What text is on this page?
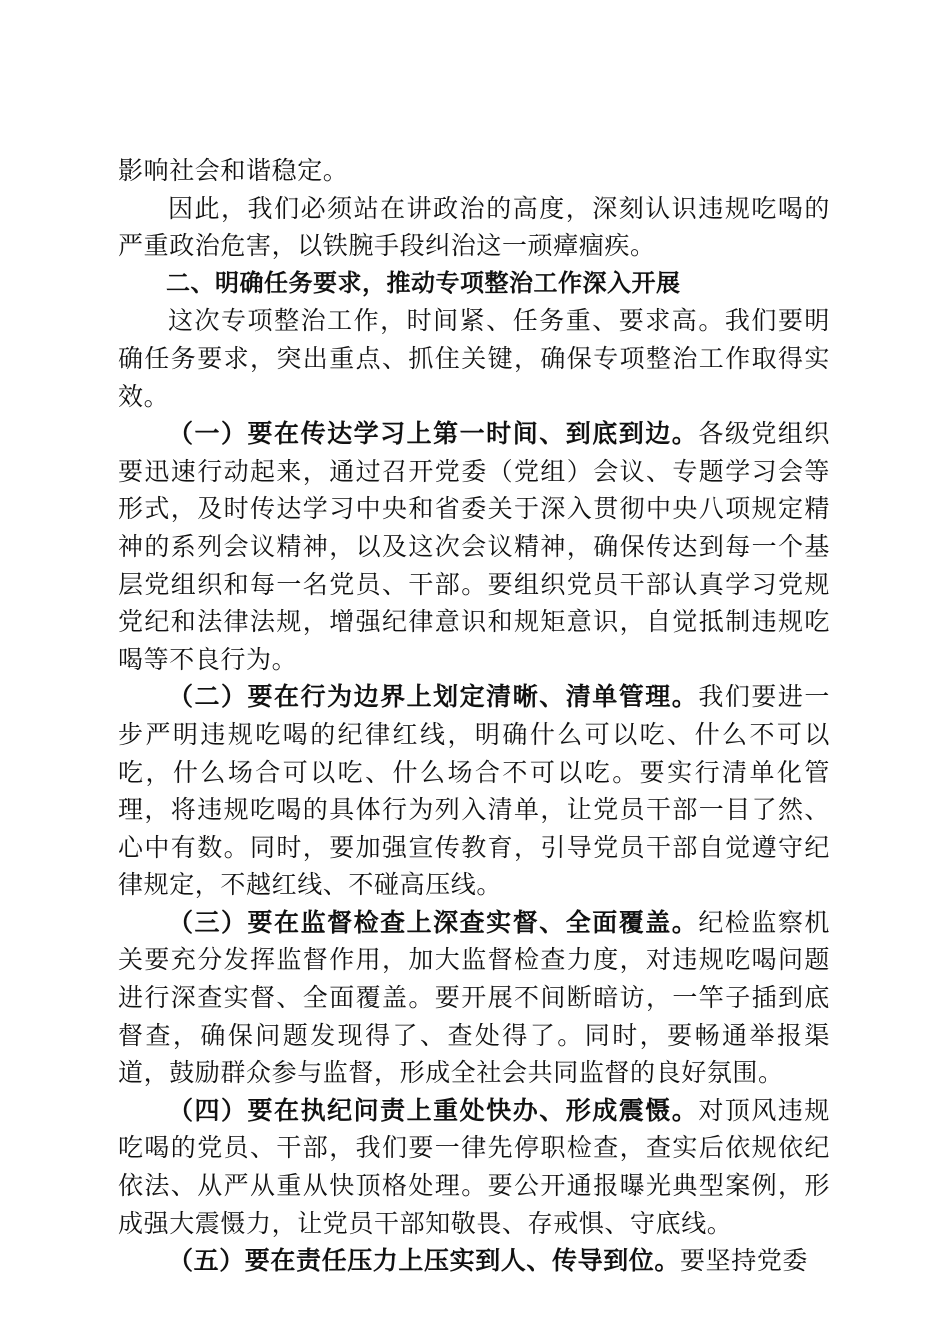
影响社会和谐稳定。

因此，我们必须站在讲政治的高度，深刻认识违规吃喝的严重政治危害，以铁腕手段纠治这一顽瘴痼疾。

二、明确任务要求，推动专项整治工作深入开展

这次专项整治工作，时间紧、任务重、要求高。我们要明确任务要求，突出重点、抓住关键，确保专项整治工作取得实效。

（一）要在传达学习上第一时间、到底到边。各级党组织要迅速行动起来，通过召开党委（党组）会议、专题学习会等形式，及时传达学习中央和省委关于深入贯彻中央八项规定精神的系列会议精神，以及这次会议精神，确保传达到每一个基层党组织和每一名党员、干部。要组织党员干部认真学习党规党纪和法律法规，增强纪律意识和规矩意识，自觉抵制违规吃喝等不良行为。

（二）要在行为边界上划定清晰、清单管理。我们要进一步严明违规吃喝的纪律红线，明确什么可以吃、什么不可以吃，什么场合可以吃、什么场合不可以吃。要实行清单化管理，将违规吃喝的具体行为列入清单，让党员干部一目了然、心中有数。同时，要加强宣传教育，引导党员干部自觉遵守纪律规定，不越红线、不碰高压线。

（三）要在监督检查上深查实督、全面覆盖。纪检监察机关要充分发挥监督作用，加大监督检查力度，对违规吃喝问题进行深查实督、全面覆盖。要开展不间断暗访，一竿子插到底督查，确保问题发现得了、查处得了。同时，要畅通举报渠道，鼓励群众参与监督，形成全社会共同监督的良好氛围。

（四）要在执纪问责上重处快办、形成震慑。对顶风违规吃喝的党员、干部，我们要一律先停职检查，查实后依规依纪依法、从严从重从快顶格处理。要公开通报曝光典型案例，形成强大震慑力，让党员干部知敬畏、存戒惧、守底线。

（五）要在责任压力上压实到人、传导到位。要坚持党委
